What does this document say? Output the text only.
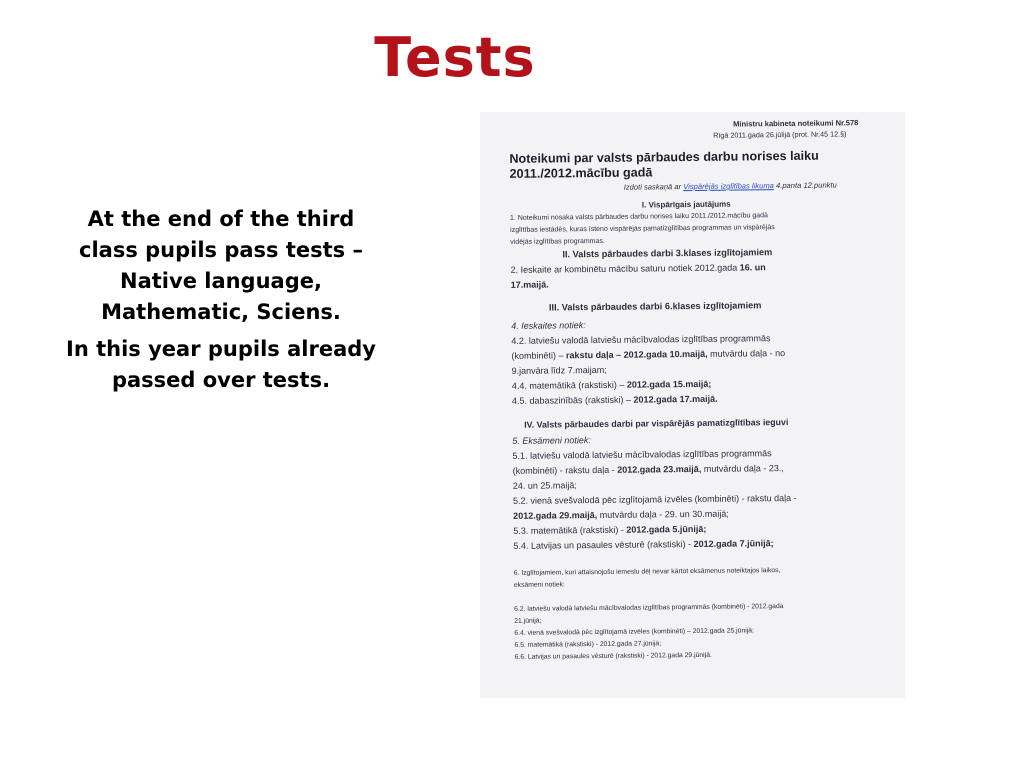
Tests

At the end of the third class pupils pass tests – Native language, Mathematic, Sciens.

In this year pupils already passed over tests.

Ministru kabineta noteikumi Nr.578
Rīgā 2011.gada 26.jūlijā (prot. Nr.45 12.§)
Noteikumi par valsts pārbaudes darbu norises laiku
2011./2012.mācību gadā
Izdoti saskaņā ar Vispārējās izglītības likuma 4.panta 12.punktu
I. Vispārīgais jautājums
1. Noteikumi nosaka valsts pārbaudes darbu norises laiku 2011./2012.mācību gadā
izglītības iestādēs, kuras īsteno vispārējās pamatizglītības programmas un vispārējās
vidējās izglītības programmas.
II. Valsts pārbaudes darbi 3.klases izglītojamiem
2. Ieskaite ar kombinētu mācību saturu notiek 2012.gada 16. un
17.maijā.
III. Valsts pārbaudes darbi 6.klases izglītojamiem
4. Ieskaites notiek:
4.2. latviešu valodā latviešu mācībvalodas izglītības programmās
(kombinēti) – rakstu daļa – 2012.gada 10.maijā, mutvārdu daļa - no
9.janvāra līdz 7.maijam;
4.4. matemātikā (rakstiski) – 2012.gada 15.maijā;
4.5. dabaszinībās (rakstiski) – 2012.gada 17.maijā.
IV. Valsts pārbaudes darbi par vispārējās pamatizglītības ieguvi
5. Eksāmeni notiek:
5.1. latviešu valodā latviešu mācībvalodas izglītības programmās
(kombinēti) - rakstu daļa - 2012.gada 23.maijā, mutvārdu daļa - 23.,
24. un 25.maijā;
5.2. vienā svešvalodā pēc izglītojamā izvēles (kombinēti) - rakstu daļa -
2012.gada 29.maijā, mutvārdu daļa - 29. un 30.maijā;
5.3. matemātikā (rakstiski) - 2012.gada 5.jūnijā;
5.4. Latvijas un pasaules vēsturē (rakstiski) - 2012.gada 7.jūnijā;
6. Izglītojamiem, kuri attaisnojošu iemeslu dēļ nevar kārtot eksāmenus noteiktajos laikos,
eksāmeni notiek:
6.2. latviešu valodā latviešu mācībvalodas izglītības programmās (kombinēti) - 2012.gada
21.jūnijā;
6.4. vienā svešvalodā pēc izglītojamā izvēles (kombinēti) – 2012.gada 25.jūnijā;
6.5. matemātikā (rakstiski) - 2012.gada 27.jūnijā;
6.6. Latvijas un pasaules vēsturē (rakstiski) - 2012.gada 29.jūnijā.
